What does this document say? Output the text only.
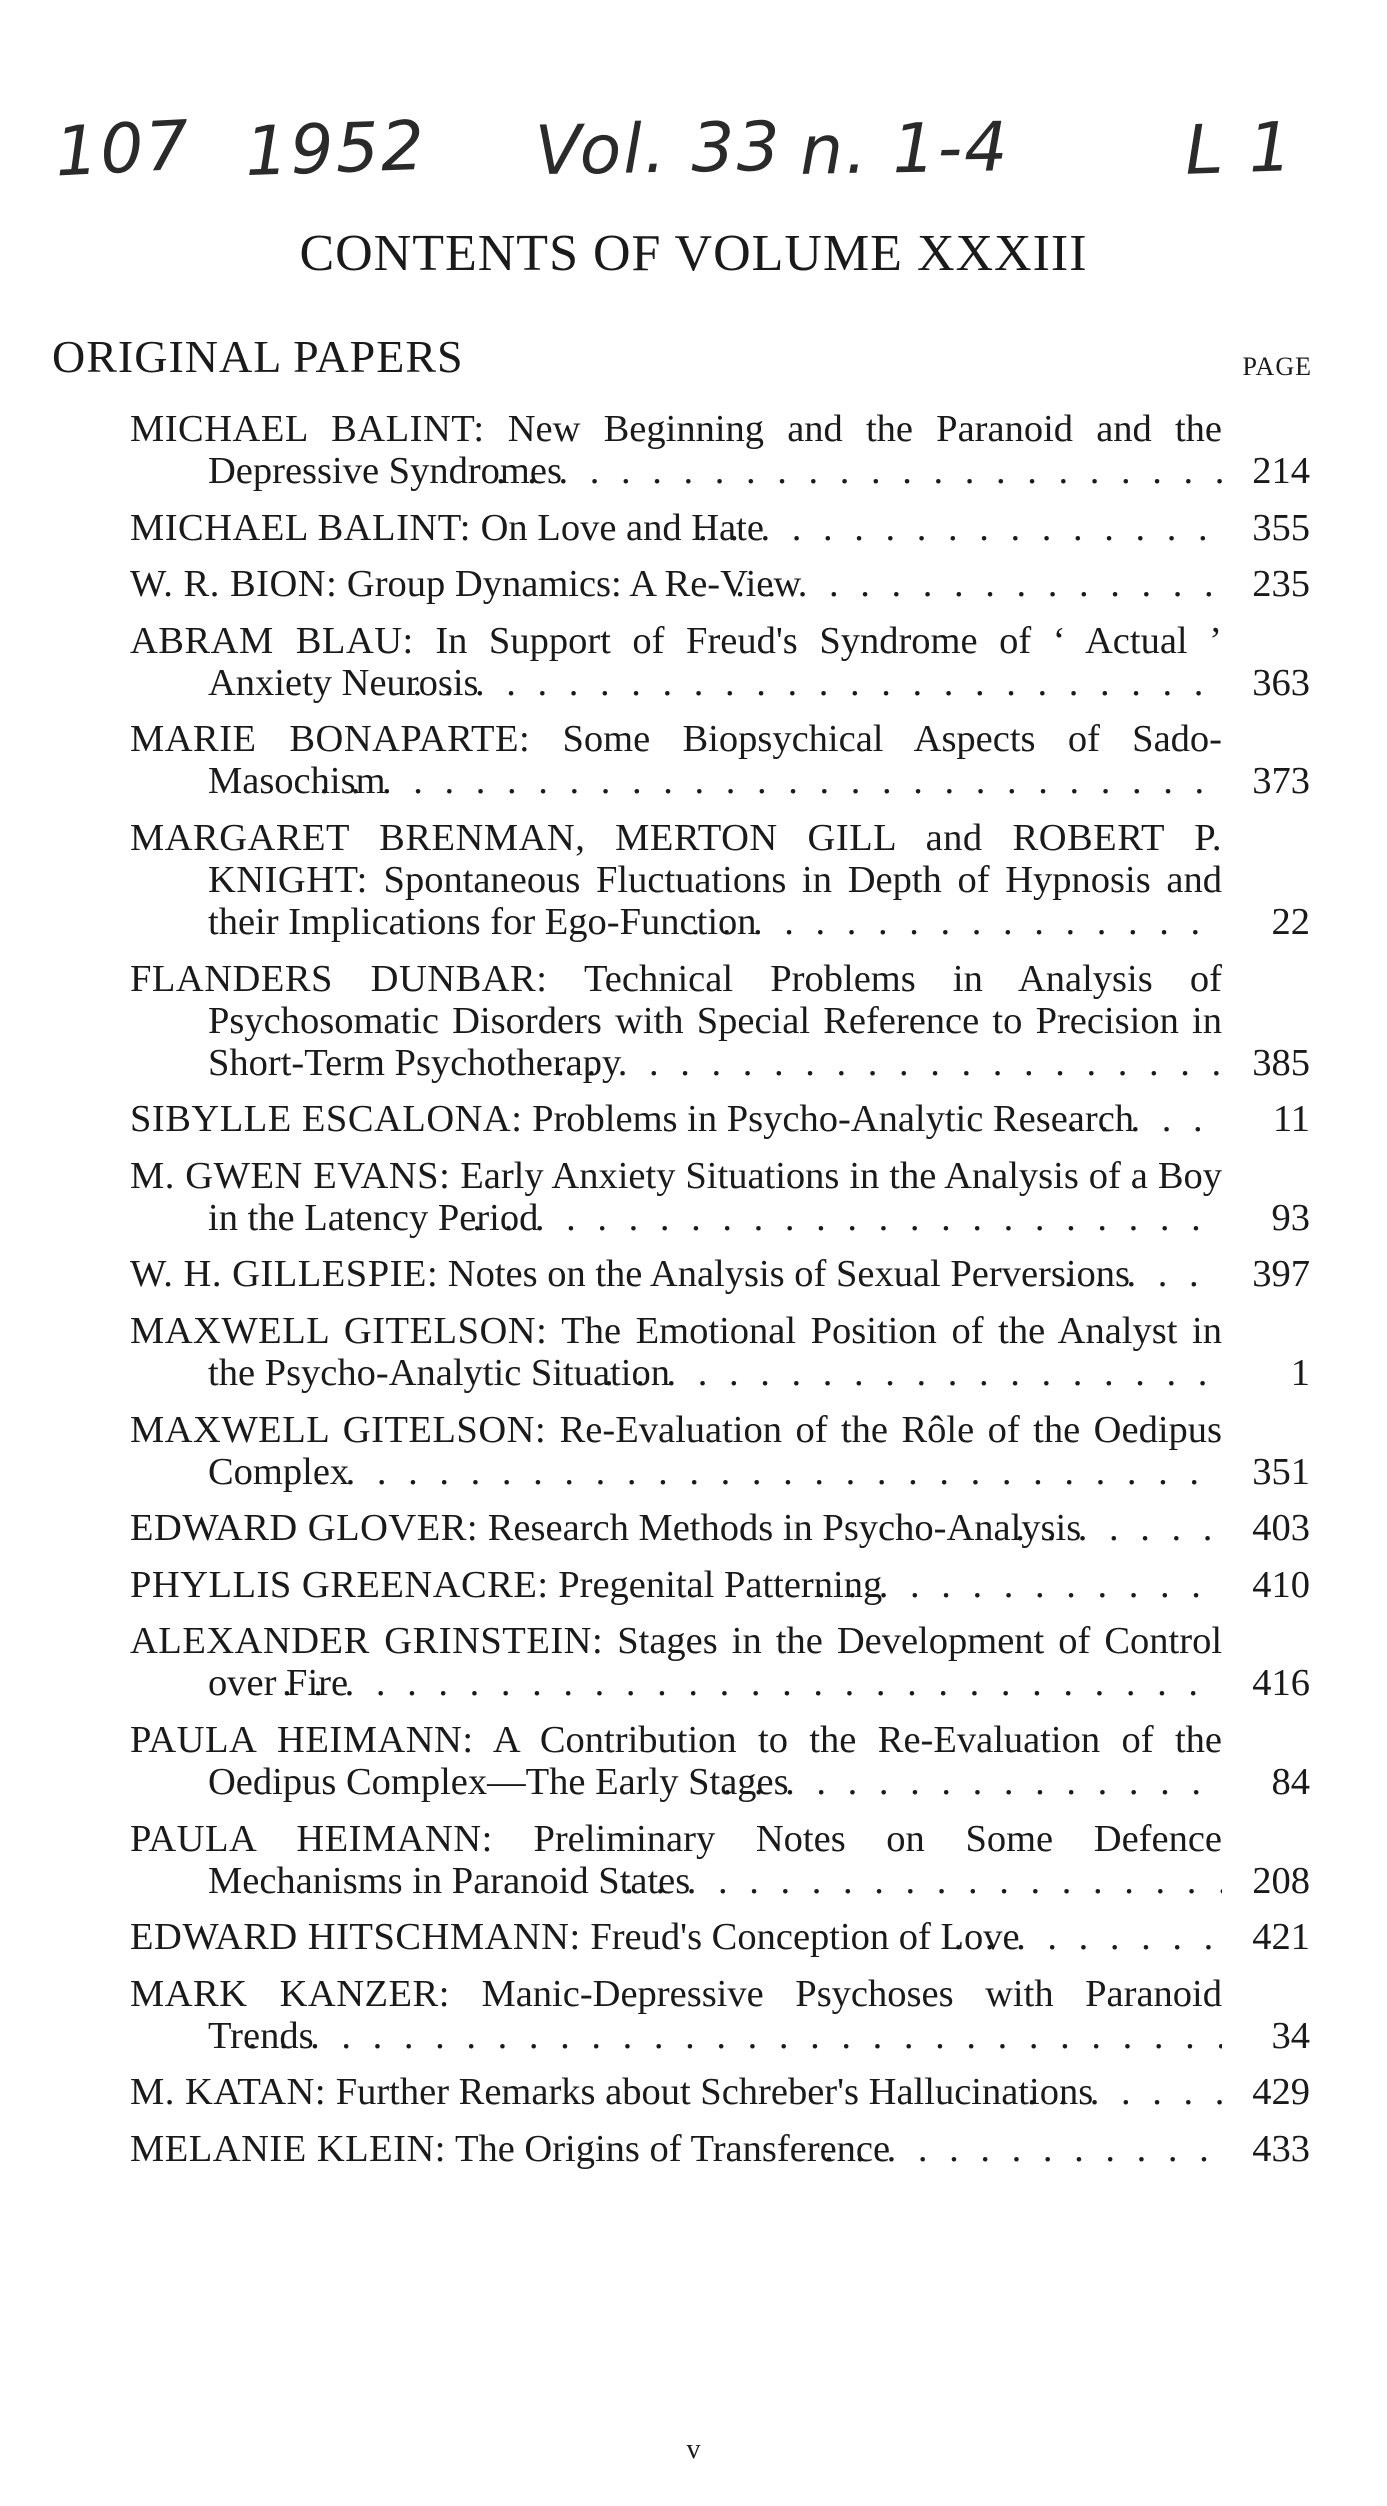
107 1952 Vol. 33 n. 1-4	L 1
CONTENTS OF VOLUME XXXIII
ORIGINAL PAPERS	PAGE
MICHAEL BALINT: New Beginning and the Paranoid and the Depressive Syndromes . . .	214
MICHAEL BALINT: On Love and Hate . . .	355
W. R. BION: Group Dynamics: A Re-View . . .	235
ABRAM BLAU: In Support of Freud's Syndrome of ‘ Actual ’ Anxiety Neurosis . . .	363
MARIE BONAPARTE: Some Biopsychical Aspects of Sado-Masochism . . .	373
MARGARET BRENMAN, MERTON GILL and ROBERT P. KNIGHT: Spontaneous Fluctuations in Depth of Hypnosis and their Implications for Ego-Function . . .	22
FLANDERS DUNBAR: Technical Problems in Analysis of Psychosomatic Disorders with Special Reference to Precision in Short-Term Psychotherapy . . .	385
SIBYLLE ESCALONA: Problems in Psycho-Analytic Research . . .	11
M. GWEN EVANS: Early Anxiety Situations in the Analysis of a Boy in the Latency Period . . .	93
W. H. GILLESPIE: Notes on the Analysis of Sexual Perversions . . .	397
MAXWELL GITELSON: The Emotional Position of the Analyst in the Psycho-Analytic Situation . . .	1
MAXWELL GITELSON: Re-Evaluation of the Rôle of the Oedipus Complex . . .	351
EDWARD GLOVER: Research Methods in Psycho-Analysis . . .	403
PHYLLIS GREENACRE: Pregenital Patterning . . .	410
ALEXANDER GRINSTEIN: Stages in the Development of Control over Fire . . .	416
PAULA HEIMANN: A Contribution to the Re-Evaluation of the Oedipus Complex—The Early Stages . . .	84
PAULA HEIMANN: Preliminary Notes on Some Defence Mechanisms in Paranoid States . . .	208
EDWARD HITSCHMANN: Freud's Conception of Love . . .	421
MARK KANZER: Manic-Depressive Psychoses with Paranoid Trends . . .	34
M. KATAN: Further Remarks about Schreber's Hallucinations . . .	429
MELANIE KLEIN: The Origins of Transference . . .	433
v
